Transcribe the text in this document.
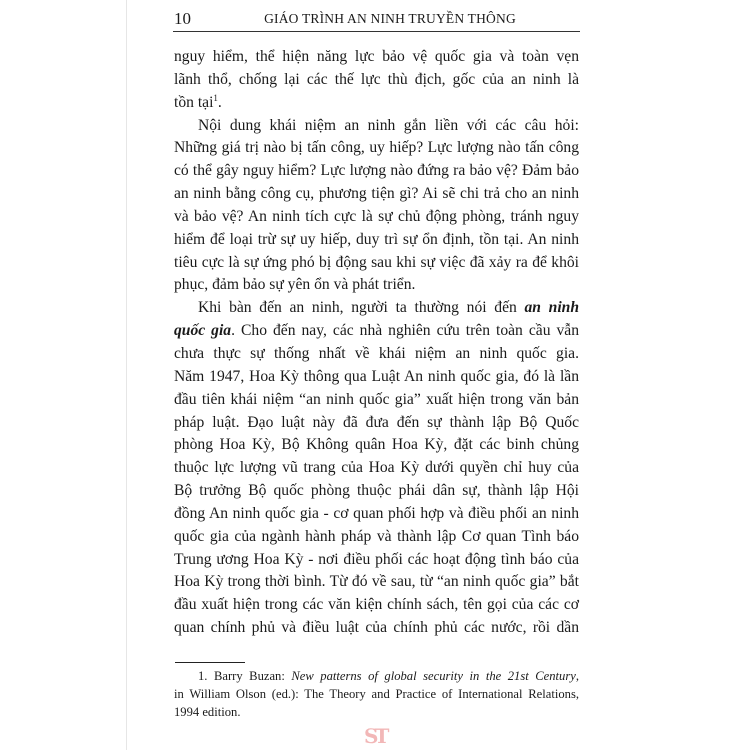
10	GIÁO TRÌNH AN NINH TRUYỀN THÔNG
nguy hiểm, thể hiện năng lực bảo vệ quốc gia và toàn vẹn
lãnh thổ, chống lại các thế lực thù địch, gốc của an ninh là
tồn tại$^1$.
Nội dung khái niệm an ninh gắn liền với các câu hỏi:
Những giá trị nào bị tấn công, uy hiếp? Lực lượng nào tấn công
có thể gây nguy hiểm? Lực lượng nào đứng ra bảo vệ? Đảm bảo
an ninh bằng công cụ, phương tiện gì? Ai sẽ chi trả cho an ninh
và bảo vệ? An ninh tích cực là sự chủ động phòng, tránh nguy
hiểm để loại trừ sự uy hiếp, duy trì sự ổn định, tồn tại. An ninh
tiêu cực là sự ứng phó bị động sau khi sự việc đã xảy ra để khôi
phục, đảm bảo sự yên ổn và phát triển.
Khi bàn đến an ninh, người ta thường nói đến an ninh
quốc gia. Cho đến nay, các nhà nghiên cứu trên toàn cầu vẫn
chưa thực sự thống nhất về khái niệm an ninh quốc gia.
Năm 1947, Hoa Kỳ thông qua Luật An ninh quốc gia, đó là lần
đầu tiên khái niệm “an ninh quốc gia” xuất hiện trong văn bản
pháp luật. Đạo luật này đã đưa đến sự thành lập Bộ Quốc
phòng Hoa Kỳ, Bộ Không quân Hoa Kỳ, đặt các binh chủng
thuộc lực lượng vũ trang của Hoa Kỳ dưới quyền chỉ huy của
Bộ trưởng Bộ quốc phòng thuộc phái dân sự, thành lập Hội
đồng An ninh quốc gia - cơ quan phối hợp và điều phối an ninh
quốc gia của ngành hành pháp và thành lập Cơ quan Tình báo
Trung ương Hoa Kỳ - nơi điều phối các hoạt động tình báo của
Hoa Kỳ trong thời bình. Từ đó về sau, từ “an ninh quốc gia” bắt
đầu xuất hiện trong các văn kiện chính sách, tên gọi của các cơ
quan chính phủ và điều luật của chính phủ các nước, rồi dần
1. Barry Buzan: New patterns of global security in the 21st Century,
in William Olson (ed.): The Theory and Practice of International Relations,
1994 edition.
ST
